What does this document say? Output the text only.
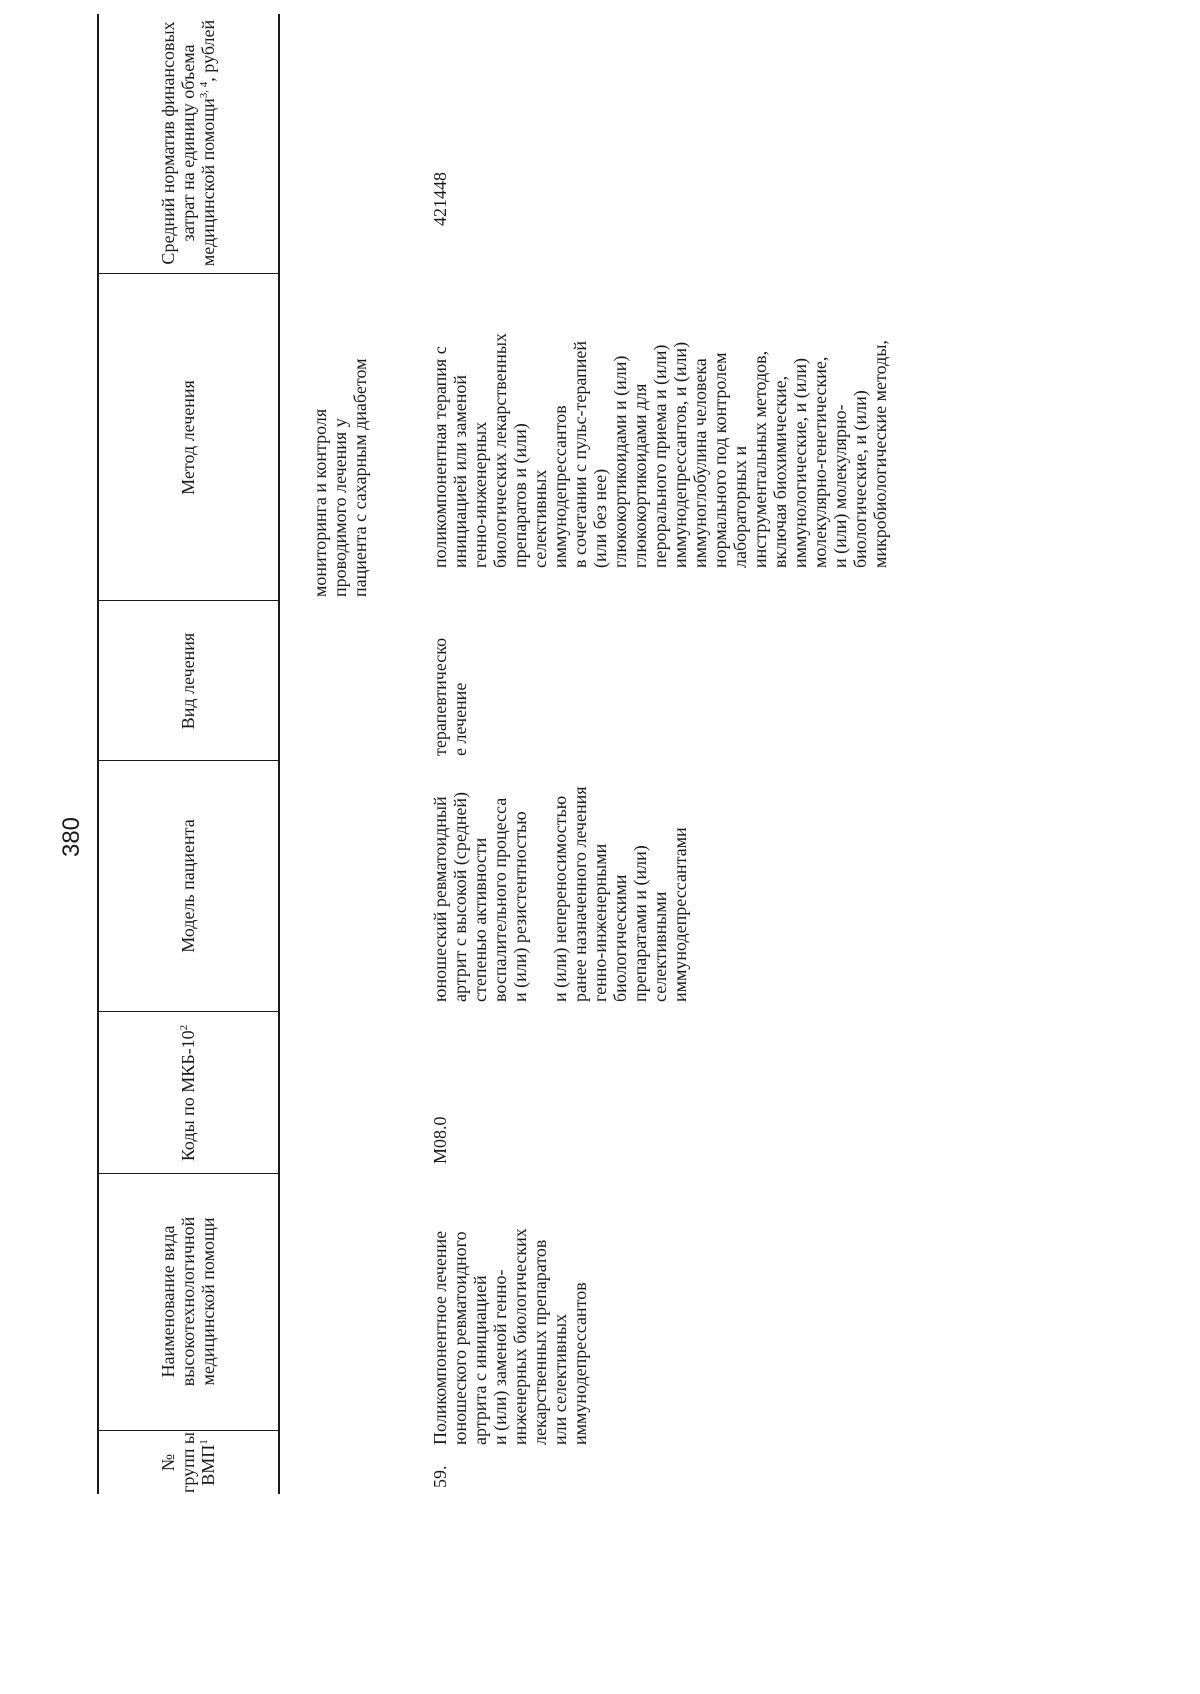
380
№ групп ы ВМП$^1$
Наименование вида высокотехнологичной медицинской помощи
Коды по МКБ-$10^2$
Модель пациента
Вид лечения
Метод лечения
Средний норматив финансовых затрат на единицу объема медицинской помощи$^{3, 4}$, рублей
мониторинга и контроля
проводимого лечения у
пациента с сахарным диабетом
59.
Поликомпонентное лечение
юношеского ревматоидного
артрита с инициацией
и (или) заменой генно-
инженерных биологических
лекарственных препаратов
или селективных
иммунодепрессантов
M08.0
юношеский ревматоидный
артрит с высокой (средней)
степенью активности
воспалительного процесса
и (или) резистентностью

и (или) непереносимостью
ранее назначенного лечения
генно-инженерными
биологическими
препаратами и (или)
селективными
иммунодепрессантами
терапевтическо
е лечение
поликомпонентная терапия с
инициацией или заменой
генно-инженерных
биологических лекарственных
препаратов и (или)
селективных
иммунодепрессантов
в сочетании с пульс-терапией
(или без нее)
глюкокортикоидами и (или)
глюкокортикоидами для
перорального приема и (или)
иммунодепрессантов, и (или)
иммуноглобулина человека
нормального под контролем
лабораторных и
инструментальных методов,
включая биохимические,
иммунологические, и (или)
молекулярно-генетические,
и (или) молекулярно-
биологические, и (или)
микробиологические методы,
421448
